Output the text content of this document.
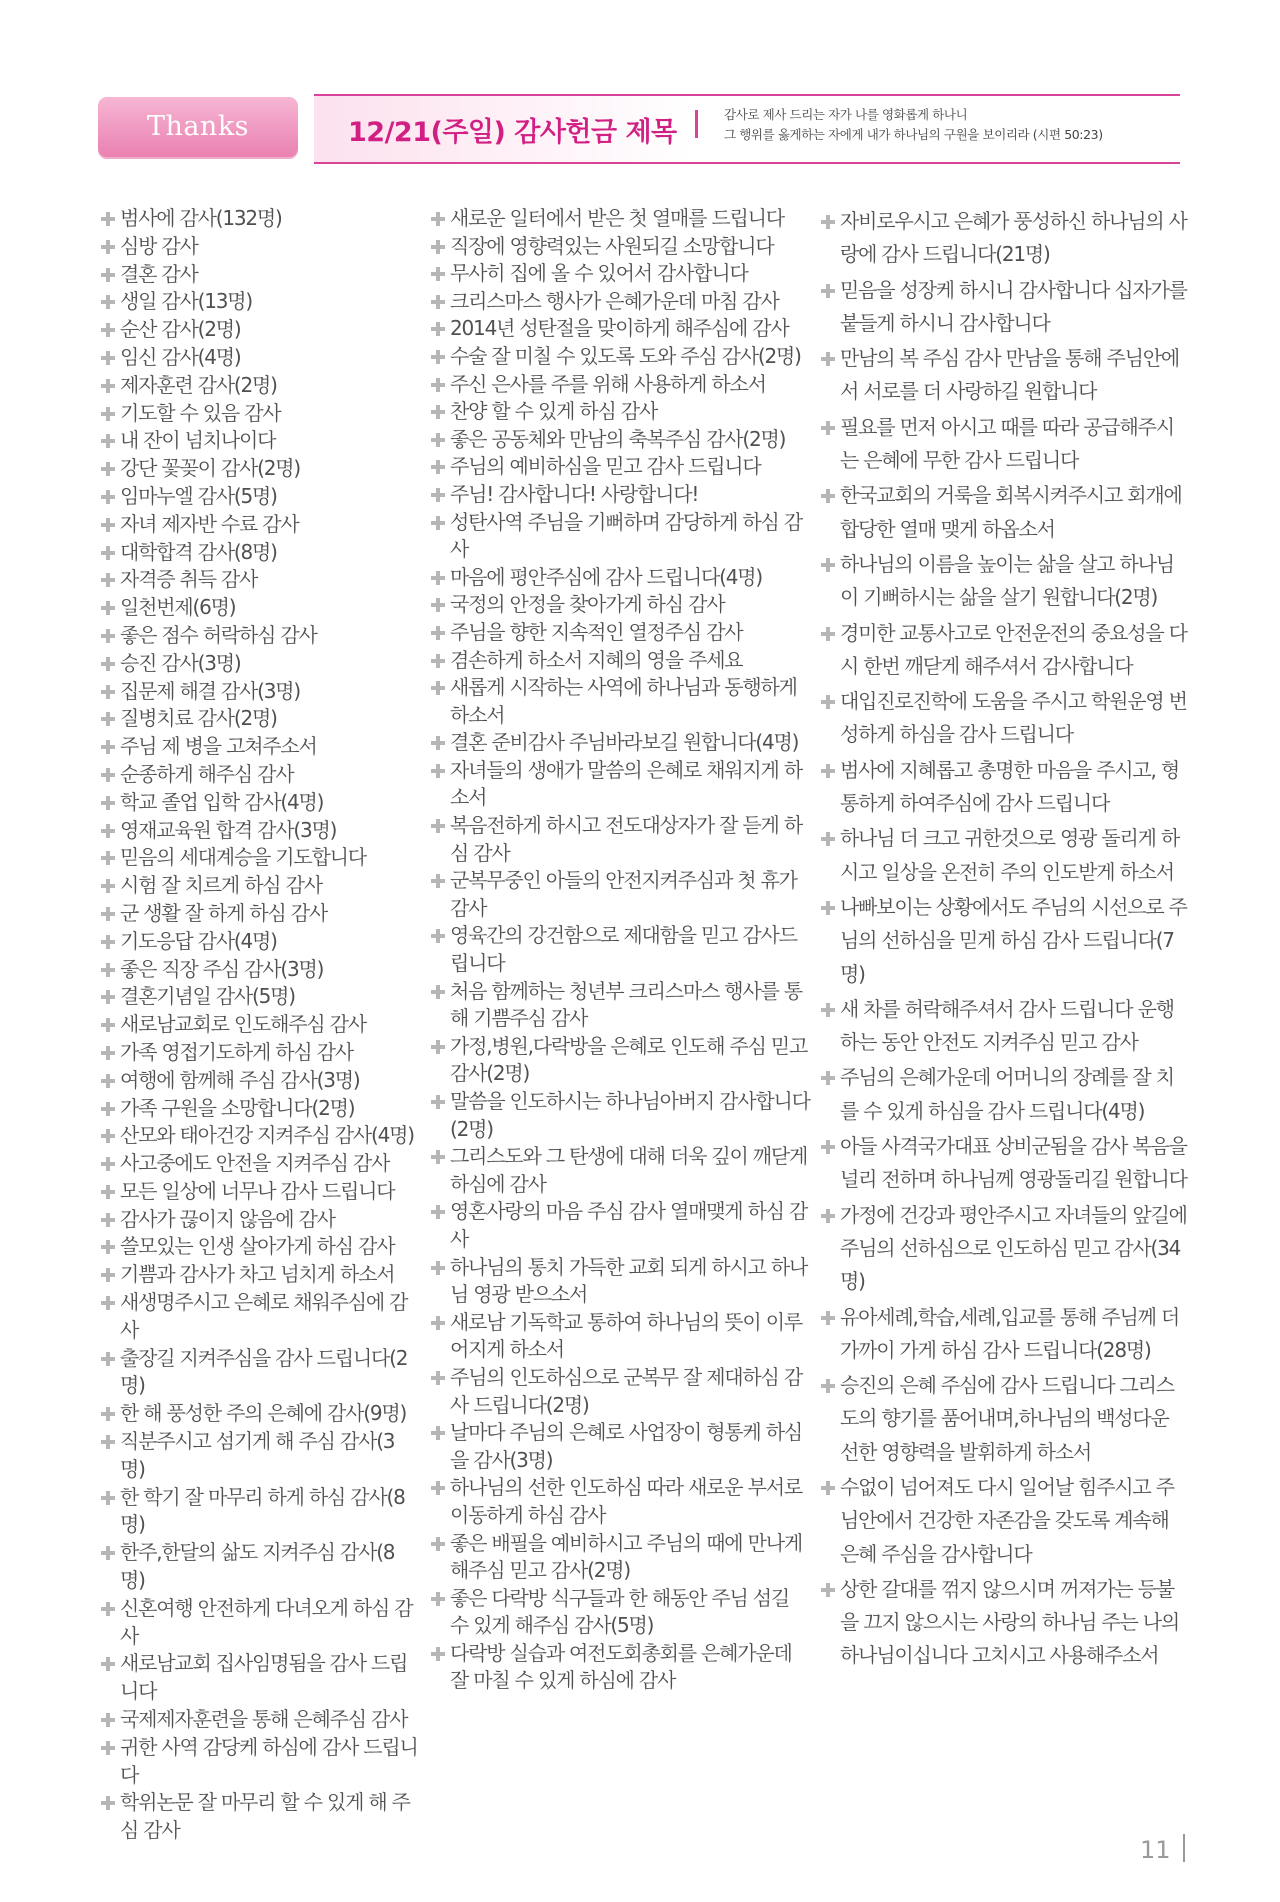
Thanks	12/21(주일) 감사헌금 제목
감사로 제사 드리는 자가 나를 영화롭게 하나니
그 행위를 옳게하는 자에게 내가 하나님의 구원을 보이리라 (시편 50:23)
범사에 감사(132명)
심방 감사
결혼 감사
생일 감사(13명)
순산 감사(2명)
임신 감사(4명)
제자훈련 감사(2명)
기도할 수 있음 감사
내 잔이 넘치나이다
강단 꽃꽂이 감사(2명)
임마누엘 감사(5명)
자녀 제자반 수료 감사
대학합격 감사(8명)
자격증 취득 감사
일천번제(6명)
좋은 점수 허락하심 감사
승진 감사(3명)
집문제 해결 감사(3명)
질병치료 감사(2명)
주님 제 병을 고쳐주소서
순종하게 해주심 감사
학교 졸업 입학 감사(4명)
영재교육원 합격 감사(3명)
믿음의 세대계승을 기도합니다
시험 잘 치르게 하심 감사
군 생활 잘 하게 하심 감사
기도응답 감사(4명)
좋은 직장 주심 감사(3명)
결혼기념일 감사(5명)
새로남교회로 인도해주심 감사
가족 영접기도하게 하심 감사
여행에 함께해 주심 감사(3명)
가족 구원을 소망합니다(2명)
산모와 태아건강 지켜주심 감사(4명)
사고중에도 안전을 지켜주심 감사
모든 일상에 너무나 감사 드립니다
감사가 끊이지 않음에 감사
쓸모있는 인생 살아가게 하심 감사
기쁨과 감사가 차고 넘치게 하소서
새생명주시고 은혜로 채워주심에 감사
출장길 지켜주심을 감사 드립니다(2명)
한 해 풍성한 주의 은혜에 감사(9명)
직분주시고 섬기게 해 주심 감사(3명)
한 학기 잘 마무리 하게 하심 감사(8명)
한주,한달의 삶도 지켜주심 감사(8명)
신혼여행 안전하게 다녀오게 하심 감사
새로남교회 집사임명됨을 감사 드립니다
국제제자훈련을 통해 은혜주심 감사
귀한 사역 감당케 하심에 감사 드립니다
학위논문 잘 마무리 할 수 있게 해 주심 감사
새로운 일터에서 받은 첫 열매를 드립니다
직장에 영향력있는 사원되길 소망합니다
무사히 집에 올 수 있어서 감사합니다
크리스마스 행사가 은혜가운데 마침 감사
2014년 성탄절을 맞이하게 해주심에 감사
수술 잘 미칠 수 있도록 도와 주심 감사(2명)
주신 은사를 주를 위해 사용하게 하소서
찬양 할 수 있게 하심 감사
좋은 공동체와 만남의 축복주심 감사(2명)
주님의 예비하심을 믿고 감사 드립니다
주님! 감사합니다! 사랑합니다!
성탄사역 주님을 기뻐하며 감당하게 하심 감사
마음에 평안주심에 감사 드립니다(4명)
국정의 안정을 찾아가게 하심 감사
주님을 향한 지속적인 열정주심 감사
겸손하게 하소서 지혜의 영을 주세요
새롭게 시작하는 사역에 하나님과 동행하게 하소서
결혼 준비감사 주님바라보길 원합니다(4명)
자녀들의 생애가 말씀의 은혜로 채워지게 하소서
복음전하게 하시고 전도대상자가 잘 듣게 하심 감사
군복무중인 아들의 안전지켜주심과 첫 휴가 감사
영육간의 강건함으로 제대함을 믿고 감사드립니다
처음 함께하는 청년부 크리스마스 행사를 통해 기쁨주심 감사
가정,병원,다락방을 은혜로 인도해 주심 믿고 감사(2명)
말씀을 인도하시는 하나님아버지 감사합니다(2명)
그리스도와 그 탄생에 대해 더욱 깊이 깨닫게 하심에 감사
영혼사랑의 마음 주심 감사 열매맺게 하심 감사
하나님의 통치 가득한 교회 되게 하시고 하나님 영광 받으소서
새로남 기독학교 통하여 하나님의 뜻이 이루어지게 하소서
주님의 인도하심으로 군복무 잘 제대하심 감사 드립니다(2명)
날마다 주님의 은혜로 사업장이 형통케 하심을 감사(3명)
하나님의 선한 인도하심 따라 새로운 부서로 이동하게 하심 감사
좋은 배필을 예비하시고 주님의 때에 만나게 해주심 믿고 감사(2명)
좋은 다락방 식구들과 한 해동안 주님 섬길 수 있게 해주심 감사(5명)
다락방 실습과 여전도회총회를 은혜가운데 잘 마칠 수 있게 하심에 감사
자비로우시고 은혜가 풍성하신 하나님의 사랑에 감사 드립니다(21명)
믿음을 성장케 하시니 감사합니다 십자가를 붙들게 하시니 감사합니다
만남의 복 주심 감사 만남을 통해 주님안에서 서로를 더 사랑하길 원합니다
필요를 먼저 아시고 때를 따라 공급해주시는 은혜에 무한 감사 드립니다
한국교회의 거룩을 회복시켜주시고 회개에 합당한 열매 맺게 하옵소서
하나님의 이름을 높이는 삶을 살고 하나님이 기뻐하시는 삶을 살기 원합니다(2명)
경미한 교통사고로 안전운전의 중요성을 다시 한번 깨닫게 해주셔서 감사합니다
대입진로진학에 도움을 주시고 학원운영 번성하게 하심을 감사 드립니다
범사에 지혜롭고 총명한 마음을 주시고, 형통하게 하여주심에 감사 드립니다
하나님 더 크고 귀한것으로 영광 돌리게 하시고 일상을 온전히 주의 인도받게 하소서
나빠보이는 상황에서도 주님의 시선으로 주님의 선하심을 믿게 하심 감사 드립니다(7명)
새 차를 허락해주셔서 감사 드립니다 운행하는 동안 안전도 지켜주심 믿고 감사
주님의 은혜가운데 어머니의 장례를 잘 치를 수 있게 하심을 감사 드립니다(4명)
아들 사격국가대표 상비군됨을 감사 복음을 널리 전하며 하나님께 영광돌리길 원합니다
가정에 건강과 평안주시고 자녀들의 앞길에 주님의 선하심으로 인도하심 믿고 감사(34명)
유아세례,학습,세례,입교를 통해 주님께 더 가까이 가게 하심 감사 드립니다(28명)
승진의 은혜 주심에 감사 드립니다 그리스도의 향기를 품어내며,하나님의 백성다운 선한 영향력을 발휘하게 하소서
수없이 넘어져도 다시 일어날 힘주시고 주님안에서 건강한 자존감을 갖도록 계속해 은혜 주심을 감사합니다
상한 갈대를 꺾지 않으시며 꺼져가는 등불을 끄지 않으시는 사랑의 하나님 주는 나의 하나님이십니다 고치시고 사용해주소서
11
